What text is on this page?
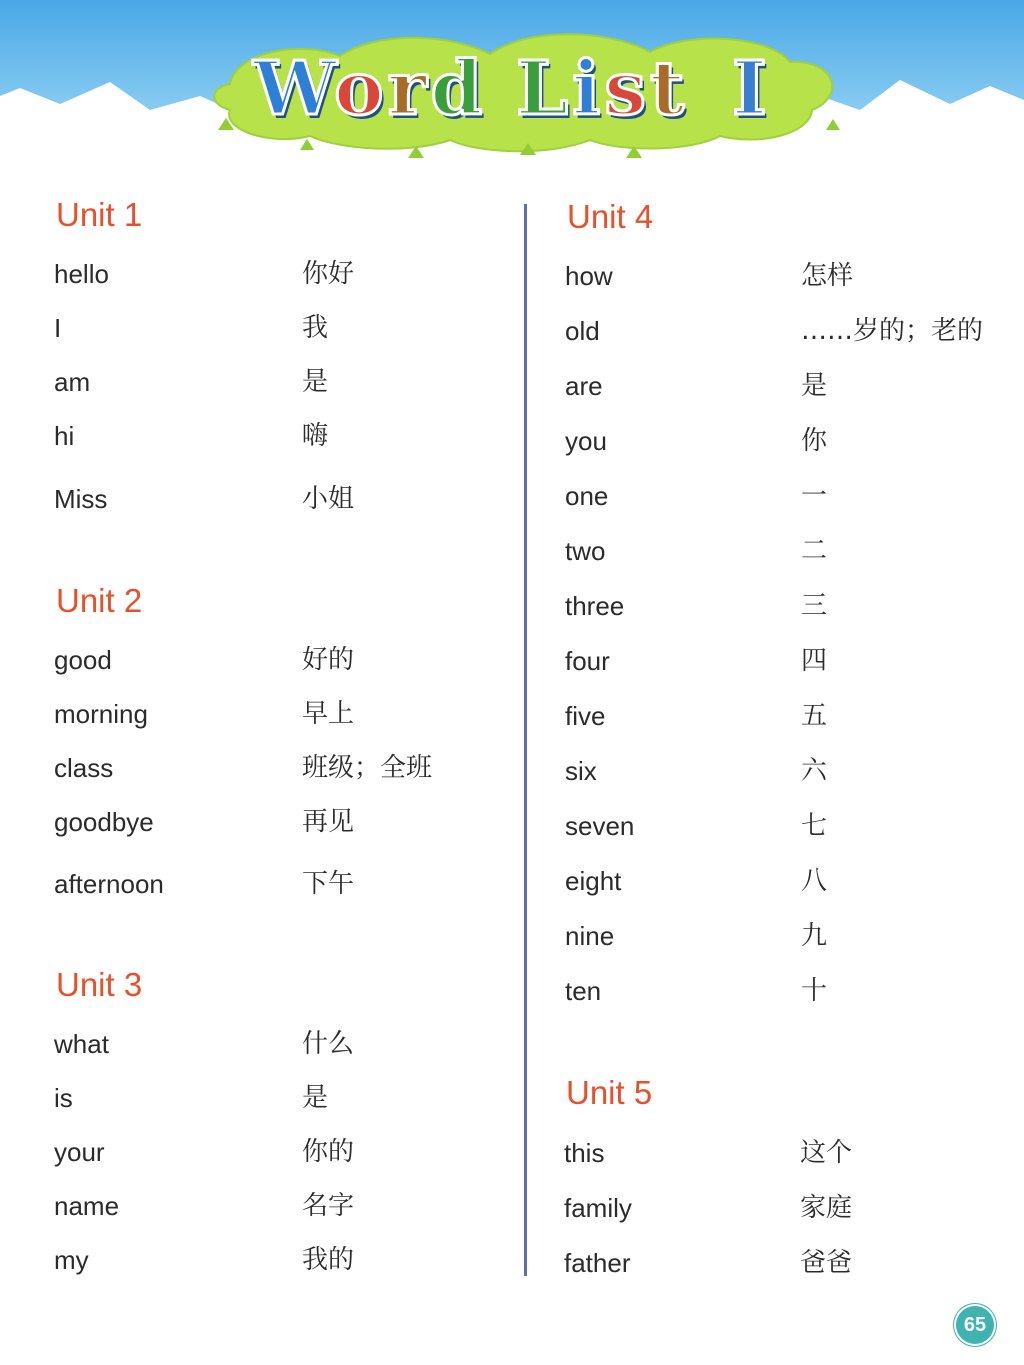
Word List I
Unit 1
hello	你好
I	我
am	是
hi	嗨
Miss	小姐
Unit 2
good	好的
morning	早上
class	班级；全班
goodbye	再见
afternoon	下午
Unit 3
what	什么
is	是
your	你的
name	名字
my	我的
Unit 4
how	怎样
old	……岁的；老的
are	是
you	你
one	一
two	二
three	三
four	四
five	五
six	六
seven	七
eight	八
nine	九
ten	十
Unit 5
this	这个
family	家庭
father	爸爸
65
